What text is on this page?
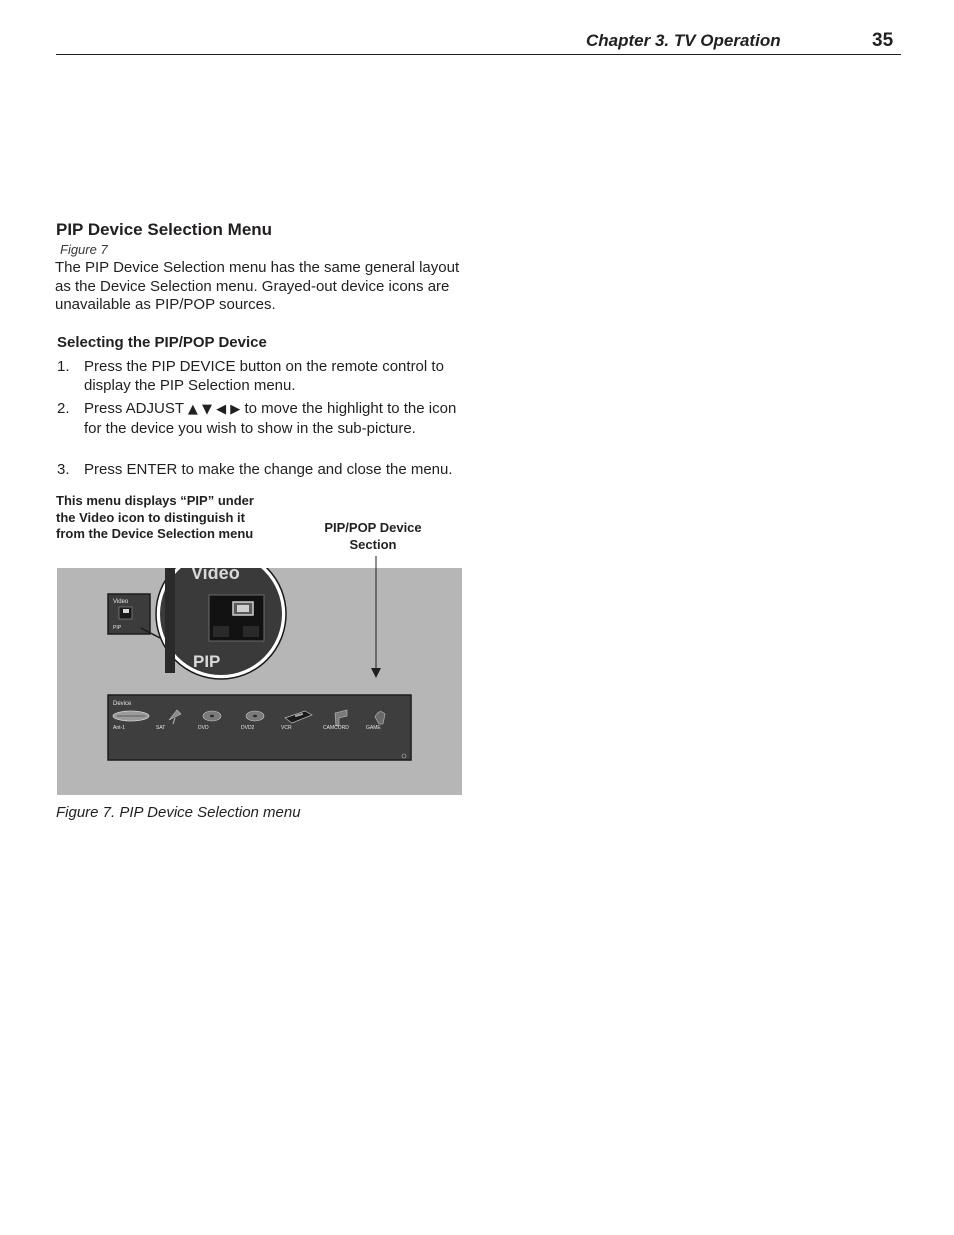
Chapter 3. TV Operation	35
PIP Device Selection Menu
Figure 7
The PIP Device Selection menu has the same general layout as the Device Selection menu. Grayed-out device icons are unavailable as PIP/POP sources.
Selecting the PIP/POP Device
1. Press the PIP DEVICE button on the remote control to display the PIP Selection menu.
2. Press ADJUST ▲ ▼ ◀ ▶ to move the highlight to the icon for the device you wish to show in the sub-picture.
3. Press ENTER to make the change and close the menu.
This menu displays “PIP” under the Video icon to distinguish it from the Device Selection menu	PIP/POP Device Section
Video
PIP
Video
PIP
Device
Ant-1	SAT	DVD	DVD2	VCR	CAMCORD	GAME
Figure 7. PIP Device Selection menu
